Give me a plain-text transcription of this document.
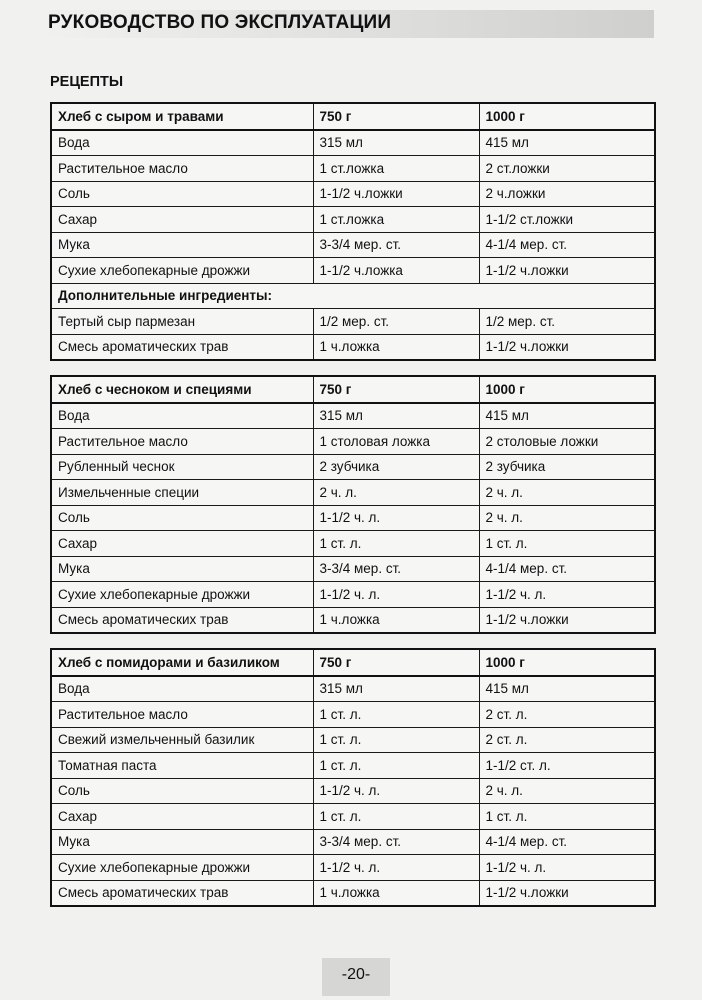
РУКОВОДСТВО ПО ЭКСПЛУАТАЦИИ
РЕЦЕПТЫ
Хлеб с сыром и травами	750 г	1000 г
Вода	315 мл	415 мл
Растительное масло	1 ст.ложка	2 ст.ложки
Соль	1-1/2 ч.ложки	2 ч.ложки
Сахар	1 ст.ложка	1-1/2 ст.ложки
Мука	3-3/4 мер. ст.	4-1/4 мер. ст.
Сухие хлебопекарные дрожжи	1-1/2 ч.ложка	1-1/2 ч.ложки
Дополнительные ингредиенты:		
Тертый сыр пармезан	1/2 мер. ст.	1/2 мер. ст.
Смесь ароматических трав	1 ч.ложка	1-1/2 ч.ложки
Хлеб с чесноком и специями	750 г	1000 г
Вода	315 мл	415 мл
Растительное масло	1 столовая ложка	2 столовые ложки
Рубленный чеснок	2 зубчика	2 зубчика
Измельченные специи	2 ч. л.	2 ч. л.
Соль	1-1/2 ч. л.	2 ч. л.
Сахар	1 ст. л.	1 ст. л.
Мука	3-3/4 мер. ст.	4-1/4 мер. ст.
Сухие хлебопекарные дрожжи	1-1/2 ч. л.	1-1/2 ч. л.
Смесь ароматических трав	1 ч.ложка	1-1/2 ч.ложки
Хлеб с помидорами и базиликом	750 г	1000 г
Вода	315 мл	415 мл
Растительное масло	1 ст. л.	2 ст. л.
Свежий измельченный базилик	1 ст. л.	2 ст. л.
Томатная паста	1 ст. л.	1-1/2 ст. л.
Соль	1-1/2 ч. л.	2 ч. л.
Сахар	1 ст. л.	1 ст. л.
Мука	3-3/4 мер. ст.	4-1/4 мер. ст.
Сухие хлебопекарные дрожжи	1-1/2 ч. л.	1-1/2 ч. л.
Смесь ароматических трав	1 ч.ложка	1-1/2 ч.ложки
-20-
